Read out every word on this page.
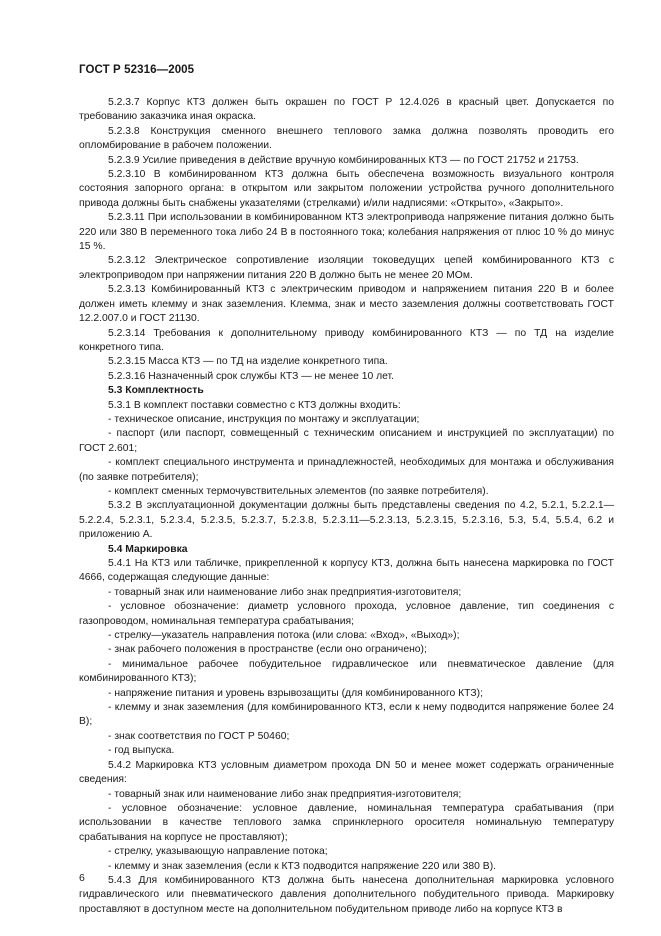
ГОСТ Р 52316—2005

5.2.3.7 Корпус КТЗ должен быть окрашен по ГОСТ Р 12.4.026 в красный цвет. Допускается по требованию заказчика иная окраска.

5.2.3.8 Конструкция сменного внешнего теплового замка должна позволять проводить его опломбирование в рабочем положении.

5.2.3.9 Усилие приведения в действие вручную комбинированных КТЗ — по ГОСТ 21752 и 21753.

5.2.3.10 В комбинированном КТЗ должна быть обеспечена возможность визуального контроля состояния запорного органа: в открытом или закрытом положении устройства ручного дополнительного привода должны быть снабжены указателями (стрелками) и/или надписями: «Открыто», «Закрыто».

5.2.3.11 При использовании в комбинированном КТЗ электропривода напряжение питания должно быть 220 или 380 В переменного тока либо 24 В в постоянного тока; колебания напряжения от плюс 10 % до минус 15 %.

5.2.3.12 Электрическое сопротивление изоляции токоведущих цепей комбинированного КТЗ с электроприводом при напряжении питания 220 В должно быть не менее 20 МОм.

5.2.3.13 Комбинированный КТЗ с электрическим приводом и напряжением питания 220 В и более должен иметь клемму и знак заземления. Клемма, знак и место заземления должны соответствовать ГОСТ 12.2.007.0 и ГОСТ 21130.

5.2.3.14 Требования к дополнительному приводу комбинированного КТЗ — по ТД на изделие конкретного типа.

5.2.3.15 Масса КТЗ — по ТД на изделие конкретного типа.

5.2.3.16 Назначенный срок службы КТЗ — не менее 10 лет.

5.3 Комплектность

5.3.1 В комплект поставки совместно с КТЗ должны входить:

- техническое описание, инструкция по монтажу и эксплуатации;

- паспорт (или паспорт, совмещенный с техническим описанием и инструкцией по эксплуатации) по ГОСТ 2.601;

- комплект специального инструмента и принадлежностей, необходимых для монтажа и обслуживания (по заявке потребителя);

- комплект сменных термочувствительных элементов (по заявке потребителя).

5.3.2 В эксплуатационной документации должны быть представлены сведения по 4.2, 5.2.1, 5.2.2.1—5.2.2.4, 5.2.3.1, 5.2.3.4, 5.2.3.5, 5.2.3.7, 5.2.3.8, 5.2.3.11—5.2.3.13, 5.2.3.15, 5.2.3.16, 5.3, 5.4, 5.5.4, 6.2 и приложению А.

5.4 Маркировка

5.4.1 На КТЗ или табличке, прикрепленной к корпусу КТЗ, должна быть нанесена маркировка по ГОСТ 4666, содержащая следующие данные:

- товарный знак или наименование либо знак предприятия-изготовителя;

- условное обозначение: диаметр условного прохода, условное давление, тип соединения с газопроводом, номинальная температура срабатывания;

- стрелку—указатель направления потока (или слова: «Вход», «Выход»);

- знак рабочего положения в пространстве (если оно ограничено);

- минимальное рабочее побудительное гидравлическое или пневматическое давление (для комбинированного КТЗ);

- напряжение питания и уровень взрывозащиты (для комбинированного КТЗ);

- клемму и знак заземления (для комбинированного КТЗ, если к нему подводится напряжение более 24 В);

- знак соответствия по ГОСТ Р 50460;

- год выпуска.

5.4.2 Маркировка КТЗ условным диаметром прохода DN 50 и менее может содержать ограниченные сведения:

- товарный знак или наименование либо знак предприятия-изготовителя;

- условное обозначение: условное давление, номинальная температура срабатывания (при использовании в качестве теплового замка спринклерного оросителя номинальную температуру срабатывания на корпусе не проставляют);

- стрелку, указывающую направление потока;

- клемму и знак заземления (если к КТЗ подводится напряжение 220 или 380 В).

5.4.3 Для комбинированного КТЗ должна быть нанесена дополнительная маркировка условного гидравлического или пневматического давления дополнительного побудительного привода. Маркировку проставляют в доступном месте на дополнительном побудительном приводе либо на корпусе КТЗ в

6
